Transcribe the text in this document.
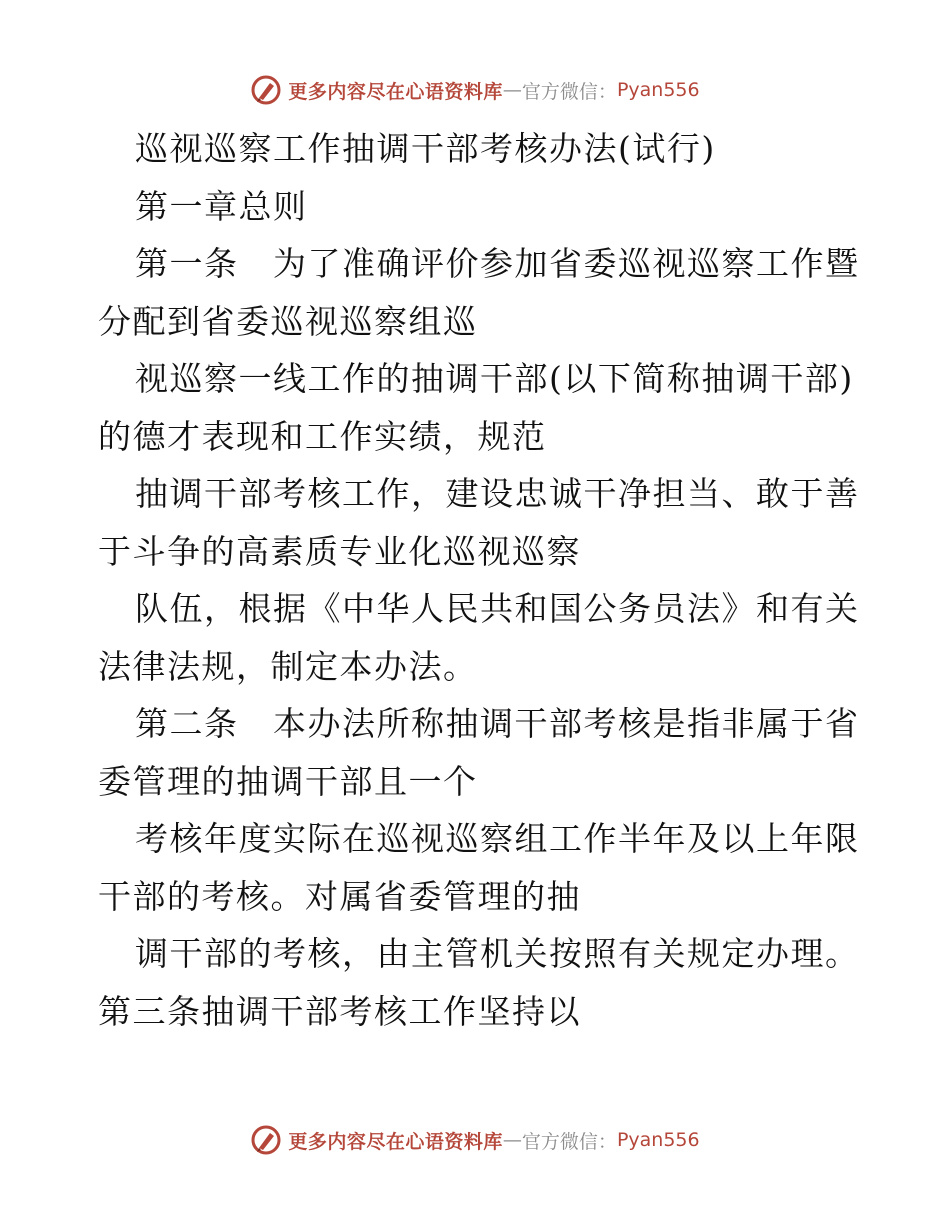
更多内容尽在心语资料库 — 官方微信： Pyan556
巡视巡察工作抽调干部考核办法(试行)
第一章总则
第一条　为了准确评价参加省委巡视巡察工作暨
分配到省委巡视巡察组巡
视巡察一线工作的抽调干部(以下简称抽调干部)
的德才表现和工作实绩，规范
抽调干部考核工作，建设忠诚干净担当、敢于善
于斗争的高素质专业化巡视巡察
队伍，根据《中华人民共和国公务员法》和有关
法律法规，制定本办法。
第二条　本办法所称抽调干部考核是指非属于省
委管理的抽调干部且一个
考核年度实际在巡视巡察组工作半年及以上年限
干部的考核。对属省委管理的抽
调干部的考核，由主管机关按照有关规定办理。
第三条抽调干部考核工作坚持以
更多内容尽在心语资料库 — 官方微信： Pyan556
